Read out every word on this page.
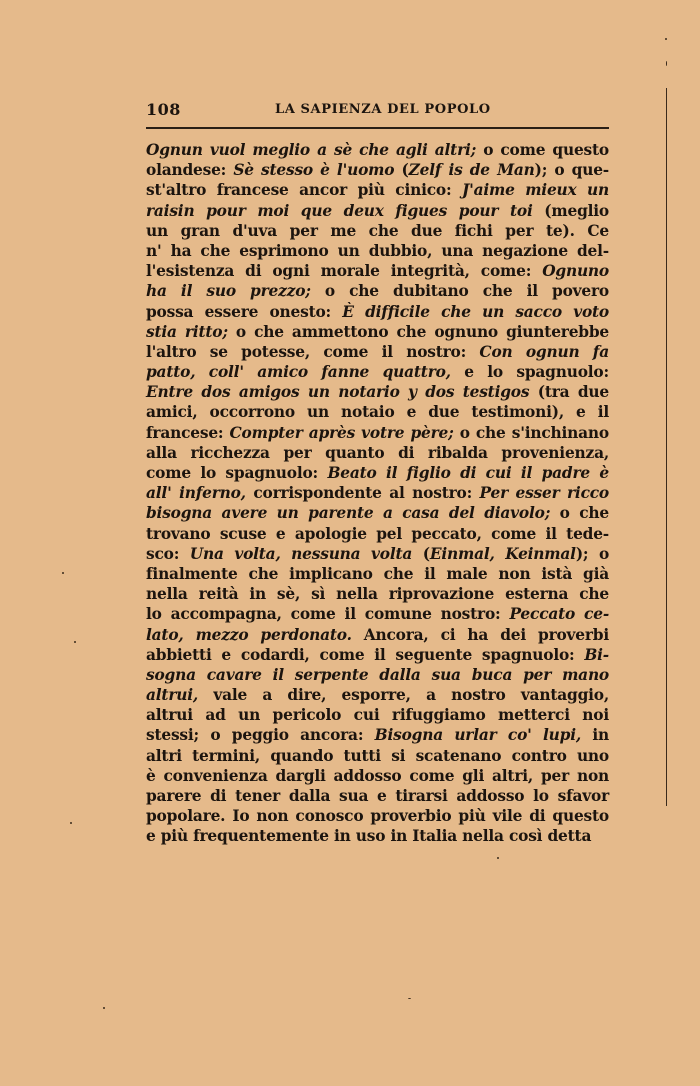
108	LA SAPIENZA DEL POPOLO
Ognun vuol meglio a sè che agli altri; o come questo
olandese: Sè stesso è l'uomo (Zelf is de Man); o que-
st'altro francese ancor più cinico: J'aime mieux un
raisin pour moi que deux figues pour toi (meglio
un gran d'uva per me che due fichi per te). Ce
n' ha che esprimono un dubbio, una negazione del-
l'esistenza di ogni morale integrità, come: Ognuno
ha il suo prezzo; o che dubitano che il povero
possa essere onesto: È difficile che un sacco voto
stia ritto; o che ammettono che ognuno giunterebbe
l'altro se potesse, come il nostro: Con ognun fa
patto, coll' amico fanne quattro, e lo spagnuolo:
Entre dos amigos un notario y dos testigos (tra due
amici, occorrono un notaio e due testimoni), e il
francese: Compter après votre père; o che s'inchinano
alla ricchezza per quanto di ribalda provenienza,
come lo spagnuolo: Beato il figlio di cui il padre è
all' inferno, corrispondente al nostro: Per esser ricco
bisogna avere un parente a casa del diavolo; o che
trovano scuse e apologie pel peccato, come il tede-
sco: Una volta, nessuna volta (Einmal, Keinmal); o
finalmente che implicano che il male non istà già
nella reità in sè, sì nella riprovazione esterna che
lo accompagna, come il comune nostro: Peccato ce-
lato, mezzo perdonato. Ancora, ci ha dei proverbi
abbietti e codardi, come il seguente spagnuolo: Bi-
sogna cavare il serpente dalla sua buca per mano
altrui, vale a dire, esporre, a nostro vantaggio,
altrui ad un pericolo cui rifuggiamo metterci noi
stessi; o peggio ancora: Bisogna urlar co' lupi, in
altri termini, quando tutti si scatenano contro uno
è convenienza dargli addosso come gli altri, per non
parere di tener dalla sua e tirarsi addosso lo sfavor
popolare. Io non conosco proverbio più vile di questo
e più frequentemente in uso in Italia nella così detta
